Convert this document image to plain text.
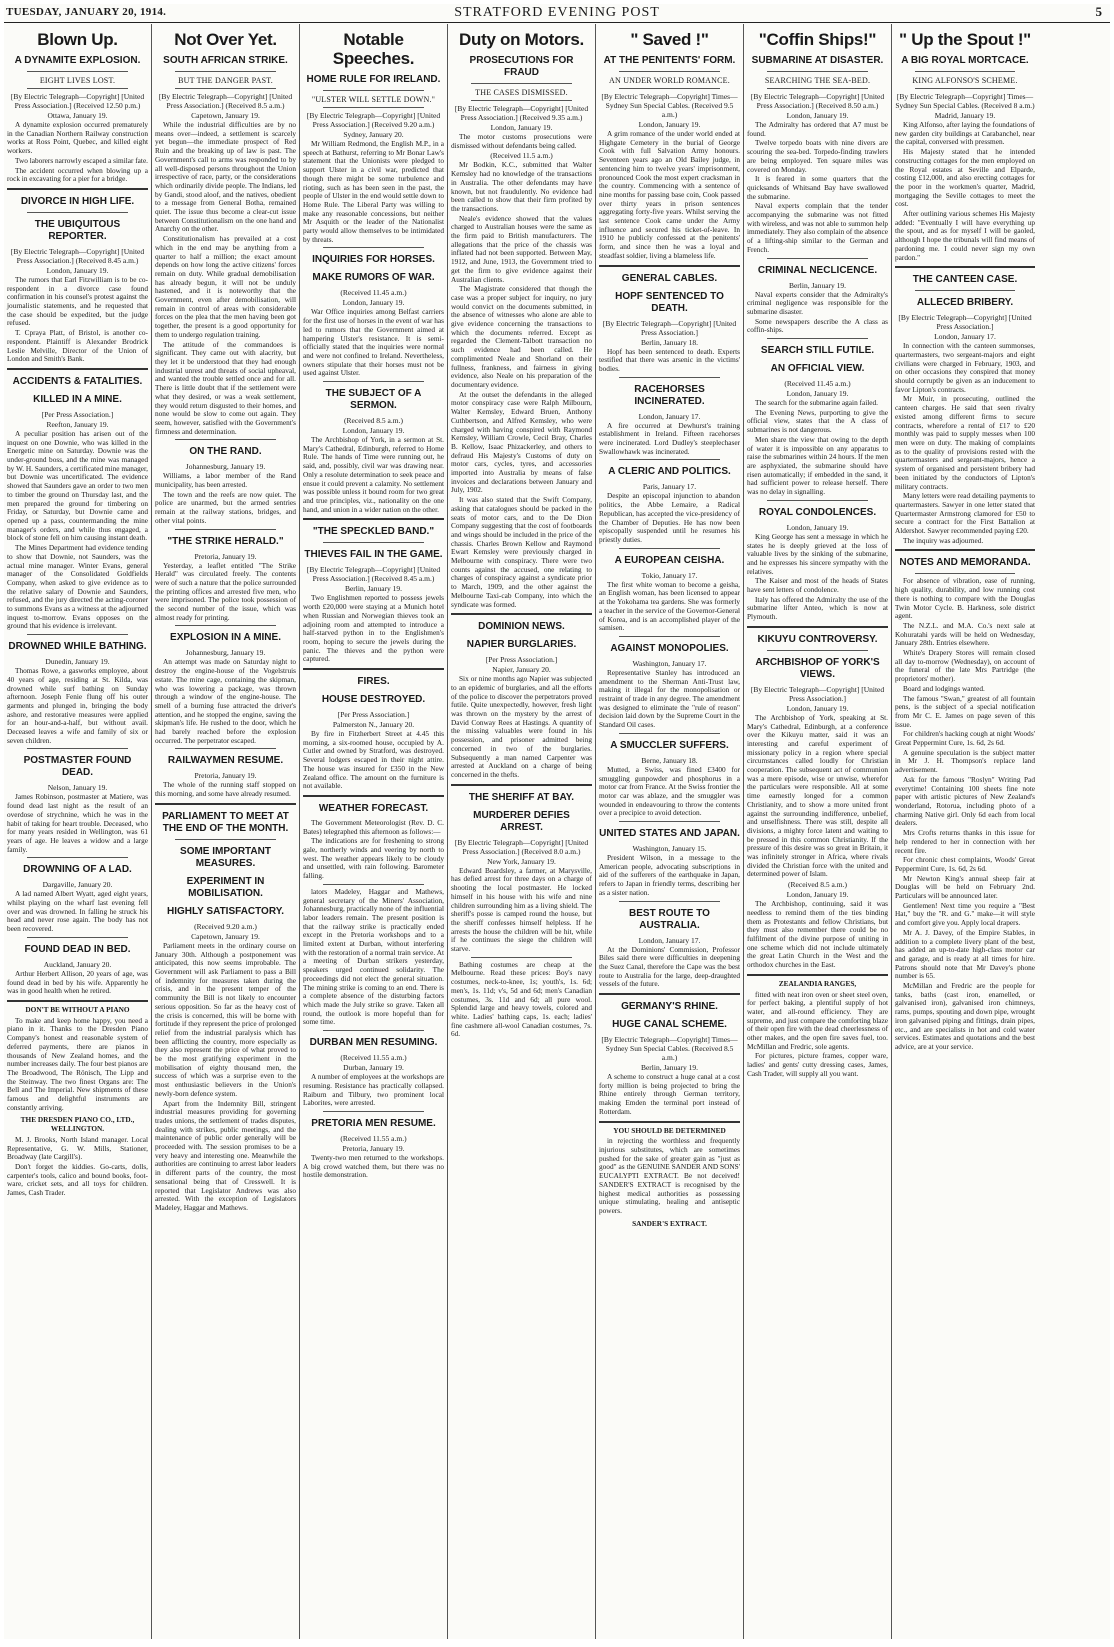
TUESDAY, JANUARY 20, 1914.	STRATFORD EVENING POST	5
Blown Up.
A DYNAMITE EXPLOSION.
EIGHT LIVES LOST.
[By Electric Telegraph—Copyright] [United Press Association.] (Received 12.50 p.m.)
Ottawa, January 19.

A dynamite explosion occurred prematurely in the Canadian Northern Railway construction works at Ross Point, Quebec, and killed eight workers.

Two laborers narrowly escaped a similar fate.

The accident occurred when blowing up a rock in excavating for a pier for a bridge.

DIVORCE IN HIGH LIFE.
THE UBIQUITOUS REPORTER.
[By Electric Telegraph—Copyright] [United Press Association.] (Received 8.45 a.m.)
London, January 19.

The rumors that Earl Fitzwilliam is to be co-respondent in a divorce case found confirmation in his counsel's protest against the journalistic statements, and he requested that the case should be expedited, but the judge refused.

T. Cpraya Platt, of Bristol, is another co-respondent. Plaintiff is Alexander Brodrick Leslie Melville, Director of the Union of London and Smith's Bank.

ACCIDENTS & FATALITIES.
KILLED IN A MINE.
[Per Press Association.]
Reefton, January 19.

A peculiar position has arisen out of the inquest on one Downie, who was killed in the Energetic mine on Saturday. Downie was the under-ground boss, and the mine was managed by W. H. Saunders, a certificated mine manager, but Downie was uncertificated. The evidence showed that Saunders gave an order to two men to timber the ground on Thursday last, and the men prepared the ground for timbering on Friday, or Saturday, but Downie came and opened up a pass, countermanding the mine manager's orders, and while thus engaged, a block of stone fell on him causing instant death.

The Mines Department had evidence tending to show that Downie, not Saunders, was the actual mine manager. Winter Evans, general manager of the Consolidated Goldfields Company, when asked to give evidence as to the relative salary of Downie and Saunders, refused, and the jury directed the acting-coroner to summons Evans as a witness at the adjourned inquest to-morrow. Evans opposes on the ground that his evidence is irrelevant.

DROWNED WHILE BATHING.
Dunedin, January 19.

Thomas Rowe, a gasworks employee, about 40 years of age, residing at St. Kilda, was drowned while surf bathing on Sunday afternoon. Joseph Fenie flung off his outer garments and plunged in, bringing the body ashore, and restorative measures were applied for an hour-and-a-half, but without avail. Deceased leaves a wife and family of six or seven children.

POSTMASTER FOUND DEAD.
Nelson, January 19.

James Robinson, postmaster at Matiere, was found dead last night as the result of an overdose of strychnine, which he was in the habit of taking for heart trouble. Deceased, who for many years resided in Wellington, was 61 years of age. He leaves a widow and a large family.

DROWNING OF A LAD.
Dargaville, January 20.

A lad named Albert Wyatt, aged eight years, whilst playing on the wharf last evening fell over and was drowned. In falling he struck his head and never rose again. The body has not been recovered.

FOUND DEAD IN BED.
Auckland, January 20.

Arthur Herbert Allison, 20 years of age, was found dead in bed by his wife. Apparently he was in good health when he retired.

DON'T BE WITHOUT A PIANO

To make and keep home happy, you need a piano in it. Thanks to the Dresden Piano Company's honest and reasonable system of deferred payments, there are pianos in thousands of New Zealand homes, and the number increases daily. The four best pianos are The Broadwood, The Rönisch, The Lipp and the Steinway. The two finest Organs are: The Bell and The Imperial. New shipments of these famous and delightful instruments are constantly arriving.

THE DRESDEN PIANO CO., LTD., WELLINGTON.

M. J. Brooks, North Island manager. Local Representative, G. W. Mills, Stationer, Broadway (late Cargill's).

Don't forget the kiddies. Go-carts, dolls, carpenter's tools, calico and bound books, foot-ware, cricket sets, and all toys for children. James, Cash Trader.

Not Over Yet.
SOUTH AFRICAN STRIKE.
BUT THE DANGER PAST.
[By Electric Telegraph—Copyright] [United Press Association.] (Received 8.5 a.m.)
Capetown, January 19.

While the industrial difficulties are by no means over—indeed, a settlement is scarcely yet begun—the immediate prospect of Red Ruin and the breaking up of law is past. The Government's call to arms was responded to by all well-disposed persons throughout the Union irrespective of race, party, or the considerations which ordinarily divide people. The Indians, led by Gandi, stood aloof, and the natives, obedient to a message from General Botha, remained quiet. The issue thus become a clear-cut issue between Constitutionalism on the one hand and Anarchy on the other.

Constitutionalism has prevailed at a cost which in the end may be anything from a quarter to half a million; the exact amount depends on how long the active citizens' forces remain on duty. While gradual demobilisation has already begun, it will not be unduly hastened, and it is noteworthy that the Government, even after demobilisation, will remain in control of areas with considerable forces on the plea that the men having been got together, the present is a good opportunity for them to undergo regulation training.

The attitude of the commandoes is significant. They came out with alacrity, but they let it be understood that they had enough industrial unrest and threats of social upheaval, and wanted the trouble settled once and for all. There is little doubt that if the settlement were what they desired, or was a weak settlement, they would return disgusted to their homes, and none would be slow to come out again. They seem, however, satisfied with the Government's firmness and determination.

ON THE RAND.
Johannesburg, January 19.

Williams, a labor member of the Rand municipality, has been arrested.

The town and the reefs are now quiet. The police are unarmed, but the armed sentries remain at the railway stations, bridges, and other vital points.

"THE STRIKE HERALD."
Pretoria, January 19.

Yesterday, a leaflet entitled "The Strike Herald" was circulated freely. The contents were of such a nature that the police surrounded the printing offices and arrested five men, who were imprisoned. The police took possession of the second number of the issue, which was almost ready for printing.

EXPLOSION IN A MINE.
Johannesburg, January 19.

An attempt was made on Saturday night to destroy the engine-house of the Vogelstruis estate. The mine cage, containing the skipman, who was lowering a package, was thrown through a window of the engine-house. The smell of a burning fuse attracted the driver's attention, and he stopped the engine, saving the skipman's life. He rushed to the door, which he had barely reached before the explosion occurred. The perpetrator escaped.

RAILWAYMEN RESUME.
Pretoria, January 19.

The whole of the running staff stopped on this morning, and some have already resumed.

PARLIAMENT TO MEET AT THE END OF THE MONTH.
SOME IMPORTANT MEASURES.
EXPERIMENT IN MOBILISATION.
HIGHLY SATISFACTORY.
(Received 9.20 a.m.)
Capetown, January 19.

Parliament meets in the ordinary course on January 30th. Although a postponement was anticipated, this now seems improbable. The Government will ask Parliament to pass a Bill of indemnity for measures taken during the crisis, and in the present temper of the community the Bill is not likely to encounter serious opposition. So far as the heavy cost of the crisis is concerned, this will be borne with fortitude if they represent the price of prolonged relief from the industrial paralysis which has been afflicting the country, more especially as they also represent the price of what proved to be the most gratifying experiment in the mobilisation of eighty thousand men, the success of which was a surprise even to the most enthusiastic believers in the Union's newly-born defence system.

Apart from the Indemnity Bill, stringent industrial measures providing for governing trades unions, the settlement of trades disputes, dealing with strikes, public meetings, and the maintenance of public order generally will be proceeded with. The session promises to be a very heavy and interesting one. Meanwhile the authorities are continuing to arrest labor leaders in different parts of the country, the most sensational being that of Cresswell. It is reported that Legislator Andrews was also arrested. With the exception of Legislators Madeley, Haggar and Mathews.

Notable Speeches.
HOME RULE FOR IRELAND.
"ULSTER WILL SETTLE DOWN."
[By Electric Telegraph—Copyright] [United Press Association.] (Received 9.20 a.m.)
Sydney, January 20.

Mr William Redmond, the English M.P., in a speech at Bathurst, referring to Mr Bonar Law's statement that the Unionists were pledged to support Ulster in a civil war, predicted that though there might be some turbulence and rioting, such as has been seen in the past, the people of Ulster in the end would settle down to Home Rule. The Liberal Party was willing to make any reasonable concessions, but neither Mr Asquith or the leader of the Nationalist party would allow themselves to be intimidated by threats.

INQUIRIES FOR HORSES.
MAKE RUMORS OF WAR.
(Received 11.45 a.m.)
London, January 19.

War Office inquiries among Belfast carriers for the first use of horses in the event of war has led to rumors that the Government aimed at hampering Ulster's resistance. It is semi-officially stated that the inquiries were normal and were not confined to Ireland. Nevertheless, owners stipulate that their horses must not be used against Ulster.

THE SUBJECT OF A SERMON.
(Received 8.5 a.m.)
London, January 19.

The Archbishop of York, in a sermon at St. Mary's Cathedral, Edinburgh, referred to Home Rule. The hands of Time were running out, he said, and, possibly, civil war was drawing near. Only a resolute determination to seek peace and ensue it could prevent a calamity. No settlement was possible unless it bound room for two great and true principles, viz., nationality on the one hand, and union in a wider nation on the other.

"THE SPECKLED BAND."
THIEVES FAIL IN THE GAME.
[By Electric Telegraph—Copyright] [United Press Association.] (Received 8.45 a.m.)
Berlin, January 19.

Two Englishmen reported to possess jewels worth £20,000 were staying at a Munich hotel when Russian and Norwegian thieves took an adjoining room and attempted to introduce a half-starved python in to the Englishmen's room, hoping to secure the jewels during the panic. The thieves and the python were captured.

FIRES.
HOUSE DESTROYED.
[Per Press Association.]
Palmerston N., January 20.

By fire in Fitzherbert Street at 4.45 this morning, a six-roomed house, occupied by A. Cutler and owned by Stratford, was destroyed. Several lodgers escaped in their night attire. The house was insured for £350 in the New Zealand office. The amount on the furniture is not available.

WEATHER FORECAST.

The Government Meteorologist (Rev. D. C. Bates) telegraphed this afternoon as follows:—

The indications are for freshening to strong gale, northerly winds and veering by north to west. The weather appears likely to be cloudy and unsettled, with rain following. Barometer falling.

lators Madeley, Haggar and Mathews, general secretary of the Miners' Association, Johannesburg, practically none of the influential labor leaders remain. The present position is that the railway strike is practically ended except in the Pretoria workshops and to a limited extent at Durban, without interfering with the restoration of a normal train service. At a meeting of Durban strikers yesterday, speakers urged continued solidarity. The proceedings did not elect the general situation. The mining strike is coming to an end. There is a complete absence of the disturbing factors which made the July strike so grave. Taken all round, the outlook is more hopeful than for some time.

DURBAN MEN RESUMING.
(Received 11.55 a.m.)
Durban, January 19.

A number of employees at the workshops are resuming. Resistance has practically collapsed. Raiburn and Tilbury, two prominent local Laborites, were arrested.

PRETORIA MEN RESUME.
(Received 11.55 a.m.)
Pretoria, January 19.

Twenty-two men returned to the workshops. A big crowd watched them, but there was no hostile demonstration.

Duty on Motors.
PROSECUTIONS FOR FRAUD
THE CASES DISMISSED.
[By Electric Telegraph—Copyright] [United Press Association.] (Received 9.35 a.m.)
London, January 19.

The motor customs prosecutions were dismissed without defendants being called.

(Received 11.5 a.m.)

Mr Bodkin, K.C., submitted that Walter Kemsley had no knowledge of the transactions in Australia. The other defendants may have known, but not fraudulently. No evidence had been called to show that their firm profited by the transactions.

Neale's evidence showed that the values charged to Australian houses were the same as the firm paid to British manufacturers. The allegations that the price of the chassis was inflated had not been supported. Between May, 1912, and June, 1913, the Government tried to get the firm to give evidence against their Australian clients.

The Magistrate considered that though the case was a proper subject for inquiry, no jury would convict on the documents submitted, in the absence of witnesses who alone are able to give evidence concerning the transactions to which the documents referred. Except as regarded the Clement-Talbott transaction no such evidence had been called. He complimented Neale and Shorland on their fullness, frankness, and fairness in giving evidence, also Neale on his preparation of the documentary evidence.

At the outset the defendants in the alleged motor conspiracy case were Ralph Milbourn, Walter Kemsley, Edward Bruen, Anthony Cuthbertson, and Alfred Kemsley, who were charged with having conspired with Raymond Kemsley, William Crowle, Cecil Bray, Charles B. Kellow, Isaac Phizackerley, and others to defraud His Majesty's Customs of duty on motor cars, cycles, tyres, and accessories imported into Australia by means of false invoices and declarations between January and July, 1902.

It was also stated that the Swift Company, asking that catalogues should be packed in the seats of motor cars, and to the De Dion Company suggesting that the cost of footboards and wings should be included in the price of the chassis. Charles Brown Kellow and Raymond Ewart Kemsley were previously charged in Melbourne with conspiracy. There were two counts against the accused, one relating to charges of conspiracy against a syndicate prior to March, 1909, and the other against the Melbourne Taxi-cab Company, into which the syndicate was formed.

DOMINION NEWS.
NAPIER BURGLARIES.
[Per Press Association.]
Napier, January 20.

Six or nine months ago Napier was subjected to an epidemic of burglaries, and all the efforts of the police to discover the perpetrators proved futile. Quite unexpectedly, however, fresh light was thrown on the mystery by the arrest of David Conway Rees at Hastings. A quantity of the missing valuables were found in his possession, and prisoner admitted being concerned in two of the burglaries. Subsequently a man named Carpenter was arrested at Auckland on a charge of being concerned in the thefts.

THE SHERIFF AT BAY.
MURDERER DEFIES ARREST.
[By Electric Telegraph—Copyright] [United Press Association.] (Received 8.0 a.m.)
New York, January 19.

Edward Boardsley, a farmer, at Marysville, has defied arrest for three days on a charge of shooting the local postmaster. He locked himself in his house with his wife and nine children surrounding him as a living shield. The sheriff's posse is camped round the house, but the sheriff confesses himself helpless. If he arrests the house the children will be hit, while if he continues the siege the children will starve.

Bathing costumes are cheap at the Melbourne. Read these prices: Boy's navy costumes, neck-to-knee, 1s; youth's, 1s. 6d; men's, 1s. 11d; v's, 5d and 6d; men's Canadian costumes, 3s. 11d and 6d; all pure wool. Splendid large and heavy towels, colored and white. Ladies' bathing caps, 1s. each; ladies' fine cashmere all-wool Canadian costumes, 7s. 6d.

" Saved !"
AT THE PENITENTS' FORM.
AN UNDER WORLD ROMANCE.
[By Electric Telegraph—Copyright] Times—Sydney Sun Special Cables. (Received 9.5 a.m.)
London, January 19.

A grim romance of the under world ended at Highgate Cemetery in the burial of George Cook with full Salvation Army honours. Seventeen years ago an Old Bailey judge, in sentencing him to twelve years' imprisonment, pronounced Cook the most expert cracksman in the country. Commencing with a sentence of nine months for passing base coin, Cook passed over thirty years in prison sentences aggregating forty-five years. Whilst serving the last sentence Cook came under the Army influence and secured his ticket-of-leave. In 1910 he publicly confessed at the penitents' form, and since then he was a loyal and steadfast soldier, living a blameless life.

GENERAL CABLES.
HOPF SENTENCED TO DEATH.
[By Electric Telegraph—Copyright] [United Press Association.]
Berlin, January 18.

Hopf has been sentenced to death. Experts testified that there was arsenic in the victims' bodies.

RACEHORSES INCINERATED.
London, January 17.

A fire occurred at Dewhurst's training establishment in Ireland. Fifteen racehorses were incinerated. Lord Dudley's steeplechaser Swallowhawk was incinerated.

A CLERIC AND POLITICS.
Paris, January 17.

Despite an episcopal injunction to abandon politics, the Abbe Lemaire, a Radical Republican, has accepted the vice-presidency of the Chamber of Deputies. He has now been episcopally suspended until he resumes his priestly duties.

A EUROPEAN CEISHA.
Tokio, January 17.

The first white woman to become a geisha, an English woman, has been licensed to appear at the Yokohama tea gardens. She was formerly a teacher in the service of the Governor-General of Korea, and is an accomplished player of the samisen.

AGAINST MONOPOLIES.
Washington, January 17.

Representative Stanley has introduced an amendment to the Sherman Anti-Trust law, making it illegal for the monopolisation or restraint of trade in any degree. The amendment was designed to eliminate the "rule of reason" decision laid down by the Supreme Court in the Standard Oil cases.

A SMUCCLER SUFFERS.
Berne, January 18.

Mutted, a Swiss, was fined £3400 for smuggling gunpowder and phosphorus in a motor car from France. At the Swiss frontier the motor car was ablaze, and the smuggler was wounded in endeavouring to throw the contents over a precipice to avoid detection.

UNITED STATES AND JAPAN.
Washington, January 15.

President Wilson, in a message to the American people, advocating subscriptions in aid of the sufferers of the earthquake in Japan, refers to Japan in friendly terms, describing her as a sister nation.

BEST ROUTE TO AUSTRALIA.
London, January 17.

At the Dominions' Commission, Professor Biles said there were difficulties in deepening the Suez Canal, therefore the Cape was the best route to Australia for the large, deep-draughted vessels of the future.

GERMANY'S RHINE.
HUGE CANAL SCHEME.
[By Electric Telegraph—Copyright] Times—Sydney Sun Special Cables. (Received 8.5 a.m.)
Berlin, January 19.

A scheme to construct a huge canal at a cost forty million is being projected to bring the Rhine entirely through German territory, making Emden the terminal port instead of Rotterdam.

YOU SHOULD BE DETERMINED

in rejecting the worthless and frequently injurious substitutes, which are sometimes pushed for the sake of greater gain as "just as good" as the GENUINE SANDER AND SONS' EUCALYPTI EXTRACT. Be not deceived! SANDER'S EXTRACT is recognised by the highest medical authorities as possessing unique stimulating, healing and antiseptic powers.

SANDER'S EXTRACT.
"Coffin Ships!"
SUBMARINE AT DISASTER.
SEARCHING THE SEA-BED.
[By Electric Telegraph—Copyright] [United Press Association.] (Received 8.50 a.m.)
London, January 19.

The Admiralty has ordered that A7 must be found.

Twelve torpedo boats with nine divers are scouring the sea-bed. Torpedo-finding trawlers are being employed. Ten square miles was covered on Monday.

It is feared in some quarters that the quicksands of Whitsand Bay have swallowed the submarine.

Naval experts complain that the tender accompanying the submarine was not fitted with wireless, and was not able to summon help immediately. They also complain of the absence of a lifting-ship similar to the German and French.

CRIMINAL NECLICENCE.
Berlin, January 19.

Naval experts consider that the Admiralty's criminal negligence was responsible for the submarine disaster.

Some newspapers describe the A class as coffin-ships.

SEARCH STILL FUTILE.
AN OFFICIAL VIEW.
(Received 11.45 a.m.)
London, January 19.

The search for the submarine again failed.

The Evening News, purporting to give the official view, states that the A class of submarines is not dangerous.

Men share the view that owing to the depth of water it is impossible on any apparatus to raise the submarines within 24 hours. If the men are asphyxiated, the submarine should have risen automatically; if embedded in the sand, it had sufficient power to release herself. There was no delay in signalling.

ROYAL CONDOLENCES.
London, January 19.

King George has sent a message in which he states he is deeply grieved at the loss of valuable lives by the sinking of the submarine, and he expresses his sincere sympathy with the relatives.

The Kaiser and most of the heads of States have sent letters of condolence.

Italy has offered the Admiralty the use of the submarine lifter Anteo, which is now at Plymouth.

KIKUYU CONTROVERSY.
ARCHBISHOP OF YORK'S VIEWS.
[By Electric Telegraph—Copyright] [United Press Association.]
London, January 19.

The Archbishop of York, speaking at St. Mary's Cathedral, Edinburgh, at a conference over the Kikuyu matter, said it was an interesting and careful experiment of missionary policy in a region where special circumstances called loudly for Christian cooperation. The subsequent act of communion was a mere episode, wise or unwise, wherefor the particulars were responsible. All at some time earnestly longed for a common Christianity, and to show a more united front against the surrounding indifference, unbelief, and unselfishness. There was still, despite all divisions, a mighty force latent and waiting to be pressed in this common Christianity. If the pressure of this desire was so great in Britain, it was infinitely stronger in Africa, where rivals divided the Christian force with the united and determined power of Islam.

(Received 8.5 a.m.)
London, January 19.

The Archbishop, continuing, said it was needless to remind them of the ties binding them as Protestants and fellow Christians, but they must also remember there could be no fulfilment of the divine purpose of uniting in one scheme which did not include ultimately the great Latin Church in the West and the orthodox churches in the East.

ZEALANDIA RANGES,

fitted with neat iron oven or sheet steel oven, for perfect baking, a plentiful supply of hot water, and all-round efficiency. They are supreme, and just compare the comforting blaze of their open fire with the dead cheerlessness of other makes, and the open fire saves fuel, too. McMillan and Fredric, sole agents.

For pictures, picture frames, copper ware, ladies' and gents' cutty dressing cases, James, Cash Trader, will supply all you want.

" Up the Spout !"
A BIG ROYAL MORTCACE.
KING ALFONSO'S SCHEME.
[By Electric Telegraph—Copyright] Times—Sydney Sun Special Cables. (Received 8 a.m.)
Madrid, January 19.

King Alfonso, after laying the foundations of new garden city buildings at Carabanchel, near the capital, conversed with pressmen.

His Majesty stated that he intended constructing cottages for the men employed on the Royal estates at Seville and Elparde, costing £12,000, and also erecting cottages for the poor in the workmen's quarter, Madrid, mortgaging the Seville cottages to meet the cost.

After outlining various schemes His Majesty added: "Eventually I will have everything up the spout, and as for myself I will be gaoled, although I hope the tribunals will find means of pardoning me. I could never sign my own pardon."

THE CANTEEN CASE.
ALLECED BRIBERY.
[By Electric Telegraph—Copyright] [United Press Association.]
London, January 17.

In connection with the canteen summonses, quartermasters, two sergeant-majors and eight civilians were charged in February, 1903, and on other occasions they conspired that money should corruptly be given as an inducement to favor Lipton's contracts.

Mr Muir, in prosecuting, outlined the canteen charges. He said that seen rivalry existed among different firms to secure contracts, wherefore a rental of £17 to £20 monthly was paid to supply messes when 100 men were on duty. The making of complaints as to the quality of provisions rested with the quartermasters and sergeant-majors, hence a system of organised and persistent bribery had been initiated by the conductors of Lipton's military contracts.

Many letters were read detailing payments to quartermasters. Sawyer in one letter stated that Quartermaster Armstrong clamored for £50 to secure a contract for the First Battalion at Aldershot. Sawyer recommended paying £20.

The inquiry was adjourned.

NOTES AND MEMORANDA.

For absence of vibration, ease of running, high quality, durability, and low running cost there is nothing to compare with the Douglas Twin Motor Cycle. B. Harkness, sole district agent.

The N.Z.L. and M.A. Co.'s next sale at Kohuratahi yards will be held on Wednesday, January 28th. Entries elsewhere.

White's Drapery Stores will remain closed all day to-morrow (Wednesday), on account of the funeral of the late Mrs Partridge (the proprietors' mother).

Board and lodgings wanted.

The famous "Swan," greatest of all fountain pens, is the subject of a special notification from Mr C. E. James on page seven of this issue.

For children's hacking cough at night Woods' Great Peppermint Cure, 1s. 6d, 2s 6d.

A genuine speculation is the subject matter in Mr J. H. Thompson's replace land advertisement.

Ask for the famous "Roslyn" Writing Pad everytime! Containing 100 sheets fine note paper with artistic pictures of New Zealand's wonderland, Rotorua, including photo of a charming Native girl. Only 6d each from local dealers.

Mrs Crofts returns thanks in this issue for help rendered to her in connection with her recent fire.

For chronic chest complaints, Woods' Great Peppermint Cure, 1s. 6d, 2s 6d.

Mr Newton King's annual sheep fair at Douglas will be held on February 2nd. Particulars will be announced later.

Gentlemen! Next time you require a "Best Hat," buy the "R. and G." make—it will style and comfort give you. Apply local drapers.

Mr A. J. Davey, of the Empire Stables, in addition to a complete livery plant of the best, has added an up-to-date high-class motor car and garage, and is ready at all times for hire. Patrons should note that Mr Davey's phone number is 65.

McMillan and Fredric are the people for tanks, baths (cast iron, enamelled, or galvanised iron), galvanised iron chimneys, rams, pumps, spouting and down pipe, wrought iron galvanised piping and fittings, drain pipes, etc., and are specialists in hot and cold water services. Estimates and quotations and the best advice, are at your service.
